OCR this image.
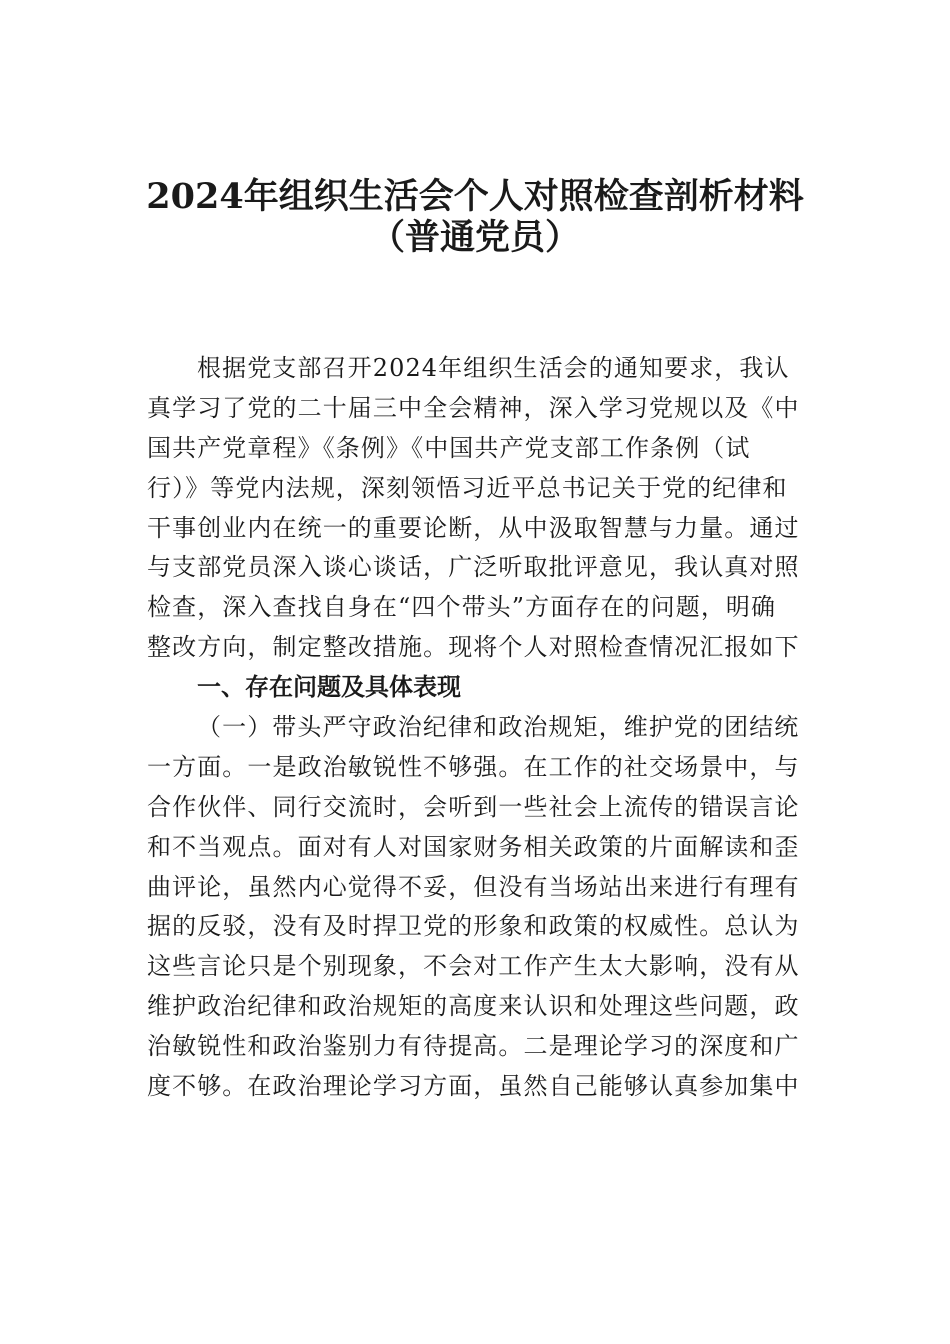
2024年组织生活会个人对照检查剖析材料
（普通党员）
根据党支部召开2024年组织生活会的通知要求，我认
真学习了党的二十届三中全会精神，深入学习党规以及《中
国共产党章程》《条例》《中国共产党支部工作条例（试
行）》等党内法规，深刻领悟习近平总书记关于党的纪律和
干事创业内在统一的重要论断，从中汲取智慧与力量。通过
与支部党员深入谈心谈话，广泛听取批评意见，我认真对照
检查，深入查找自身在“四个带头”方面存在的问题，明确
整改方向，制定整改措施。现将个人对照检查情况汇报如下
一、存在问题及具体表现
（一）带头严守政治纪律和政治规矩，维护党的团结统
一方面。一是政治敏锐性不够强。在工作的社交场景中，与
合作伙伴、同行交流时，会听到一些社会上流传的错误言论
和不当观点。面对有人对国家财务相关政策的片面解读和歪
曲评论，虽然内心觉得不妥，但没有当场站出来进行有理有
据的反驳，没有及时捍卫党的形象和政策的权威性。总认为
这些言论只是个别现象，不会对工作产生太大影响，没有从
维护政治纪律和政治规矩的高度来认识和处理这些问题，政
治敏锐性和政治鉴别力有待提高。二是理论学习的深度和广
度不够。在政治理论学习方面，虽然自己能够认真参加集中
